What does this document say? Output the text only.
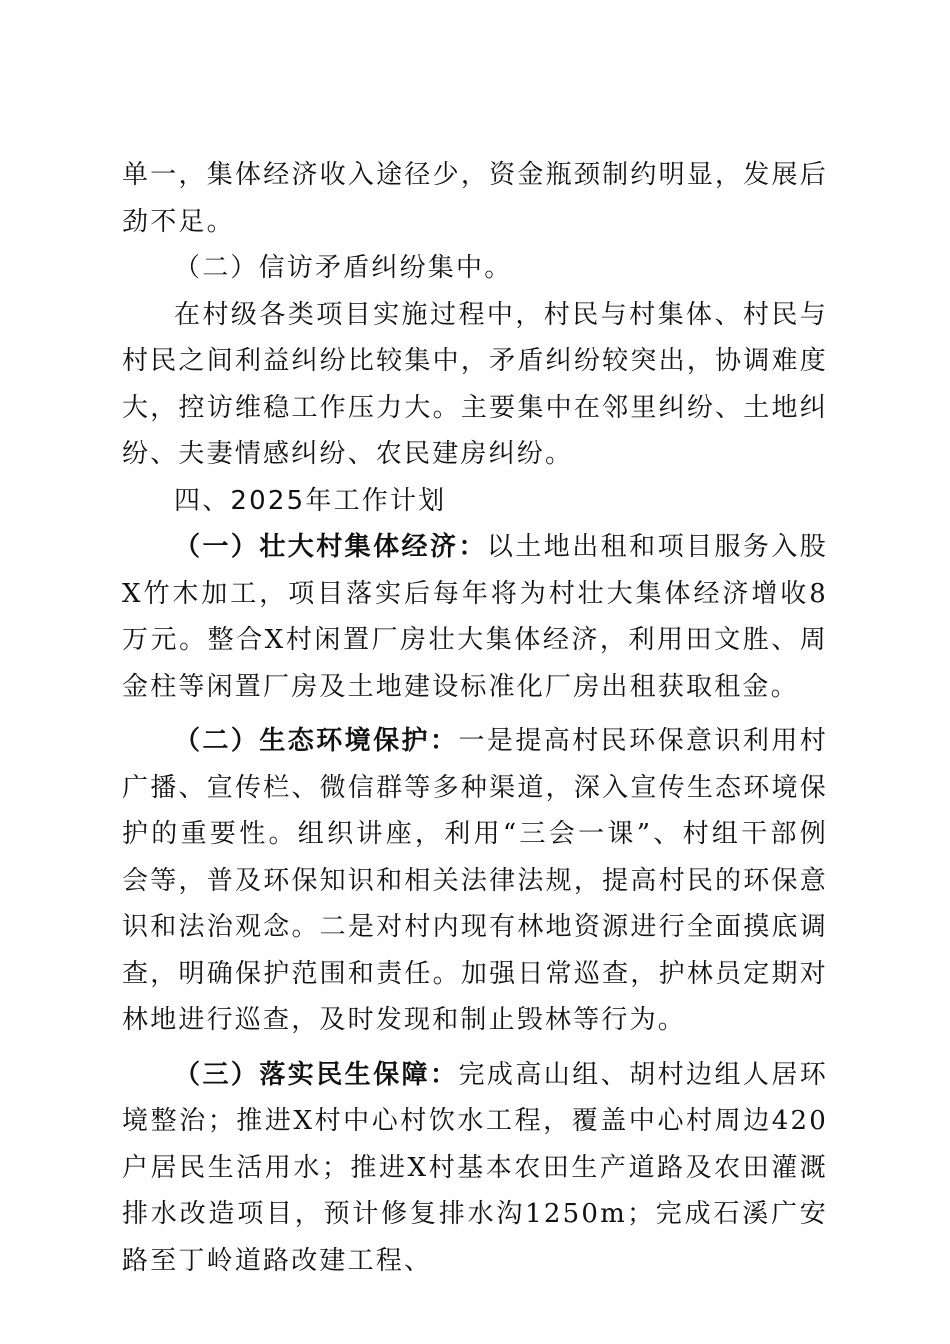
单一，集体经济收入途径少，资金瓶颈制约明显，发展后劲不足。

（二）信访矛盾纠纷集中。

在村级各类项目实施过程中，村民与村集体、村民与村民之间利益纠纷比较集中，矛盾纠纷较突出，协调难度大，控访维稳工作压力大。主要集中在邻里纠纷、土地纠纷、夫妻情感纠纷、农民建房纠纷。

四、2025年工作计划

（一）壮大村集体经济：以土地出租和项目服务入股X竹木加工，项目落实后每年将为村壮大集体经济增收8万元。整合X村闲置厂房壮大集体经济，利用田文胜、周金柱等闲置厂房及土地建设标准化厂房出租获取租金。

（二）生态环境保护：一是提高村民环保意识利用村广播、宣传栏、微信群等多种渠道，深入宣传生态环境保护的重要性。组织讲座，利用“三会一课”、村组干部例会等，普及环保知识和相关法律法规，提高村民的环保意识和法治观念。二是对村内现有林地资源进行全面摸底调查，明确保护范围和责任。加强日常巡查，护林员定期对林地进行巡查，及时发现和制止毁林等行为。

（三）落实民生保障：完成高山组、胡村边组人居环境整治；推进X村中心村饮水工程，覆盖中心村周边420户居民生活用水；推进X村基本农田生产道路及农田灌溉排水改造项目，预计修复排水沟1250m；完成石溪广安路至丁岭道路改建工程、
